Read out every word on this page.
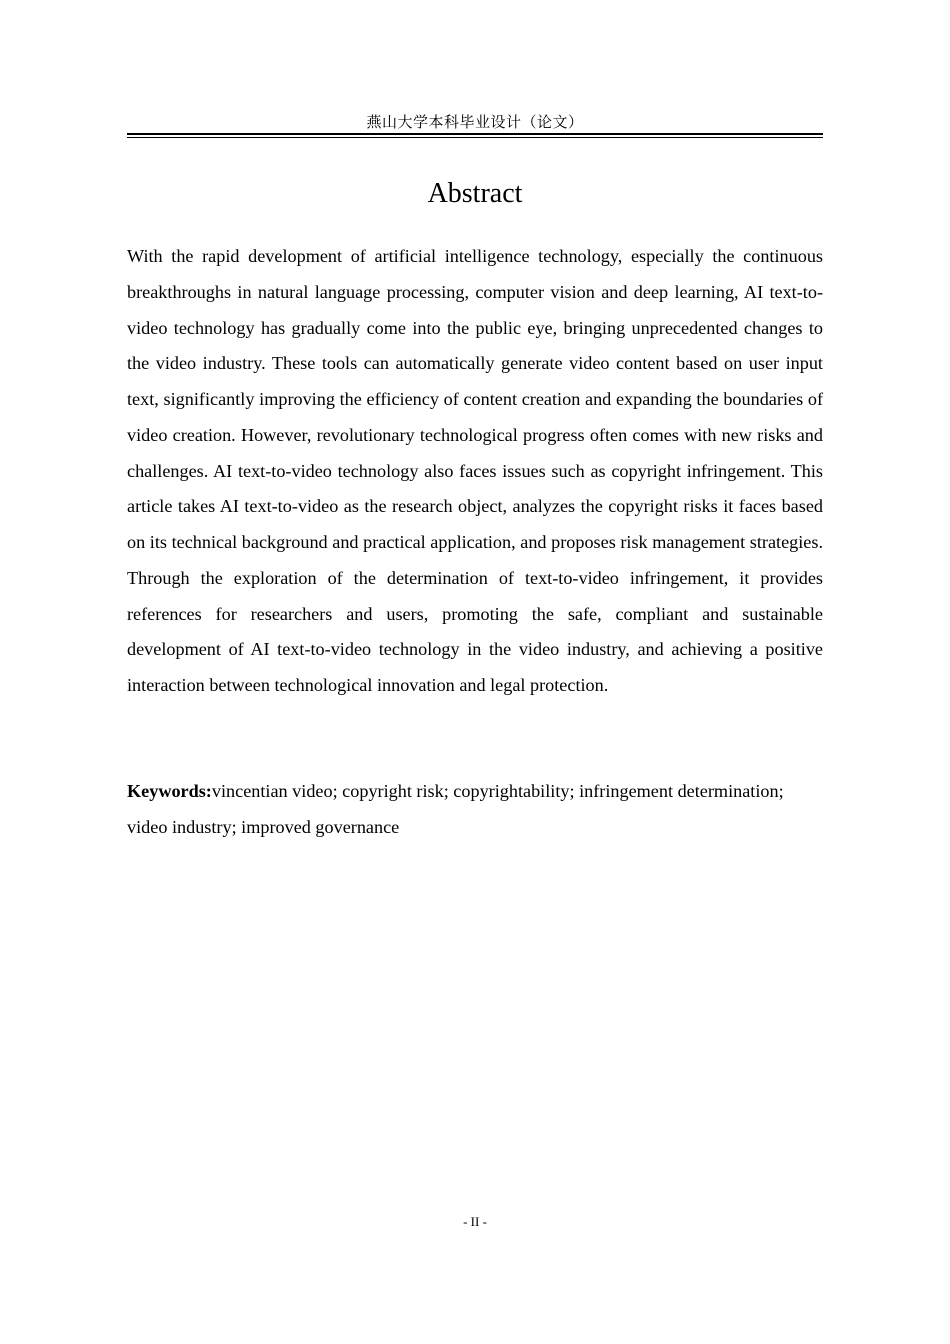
燕山大学本科毕业设计（论文）
Abstract

With the rapid development of artificial intelligence technology, especially the continuous breakthroughs in natural language processing, computer vision and deep learning, AI text-to-video technology has gradually come into the public eye, bringing unprecedented changes to the video industry. These tools can automatically generate video content based on user input text, significantly improving the efficiency of content creation and expanding the boundaries of video creation. However, revolutionary technological progress often comes with new risks and challenges. AI text-to-video technology also faces issues such as copyright infringement. This article takes AI text-to-video as the research object, analyzes the copyright risks it faces based on its technical background and practical application, and proposes risk management strategies. Through the exploration of the determination of text-to-video infringement, it provides references for researchers and users, promoting the safe, compliant and sustainable development of AI text-to-video technology in the video industry, and achieving a positive interaction between technological innovation and legal protection.

Keywords:vincentian video; copyright risk; copyrightability; infringement determination; video industry; improved governance

- II -
